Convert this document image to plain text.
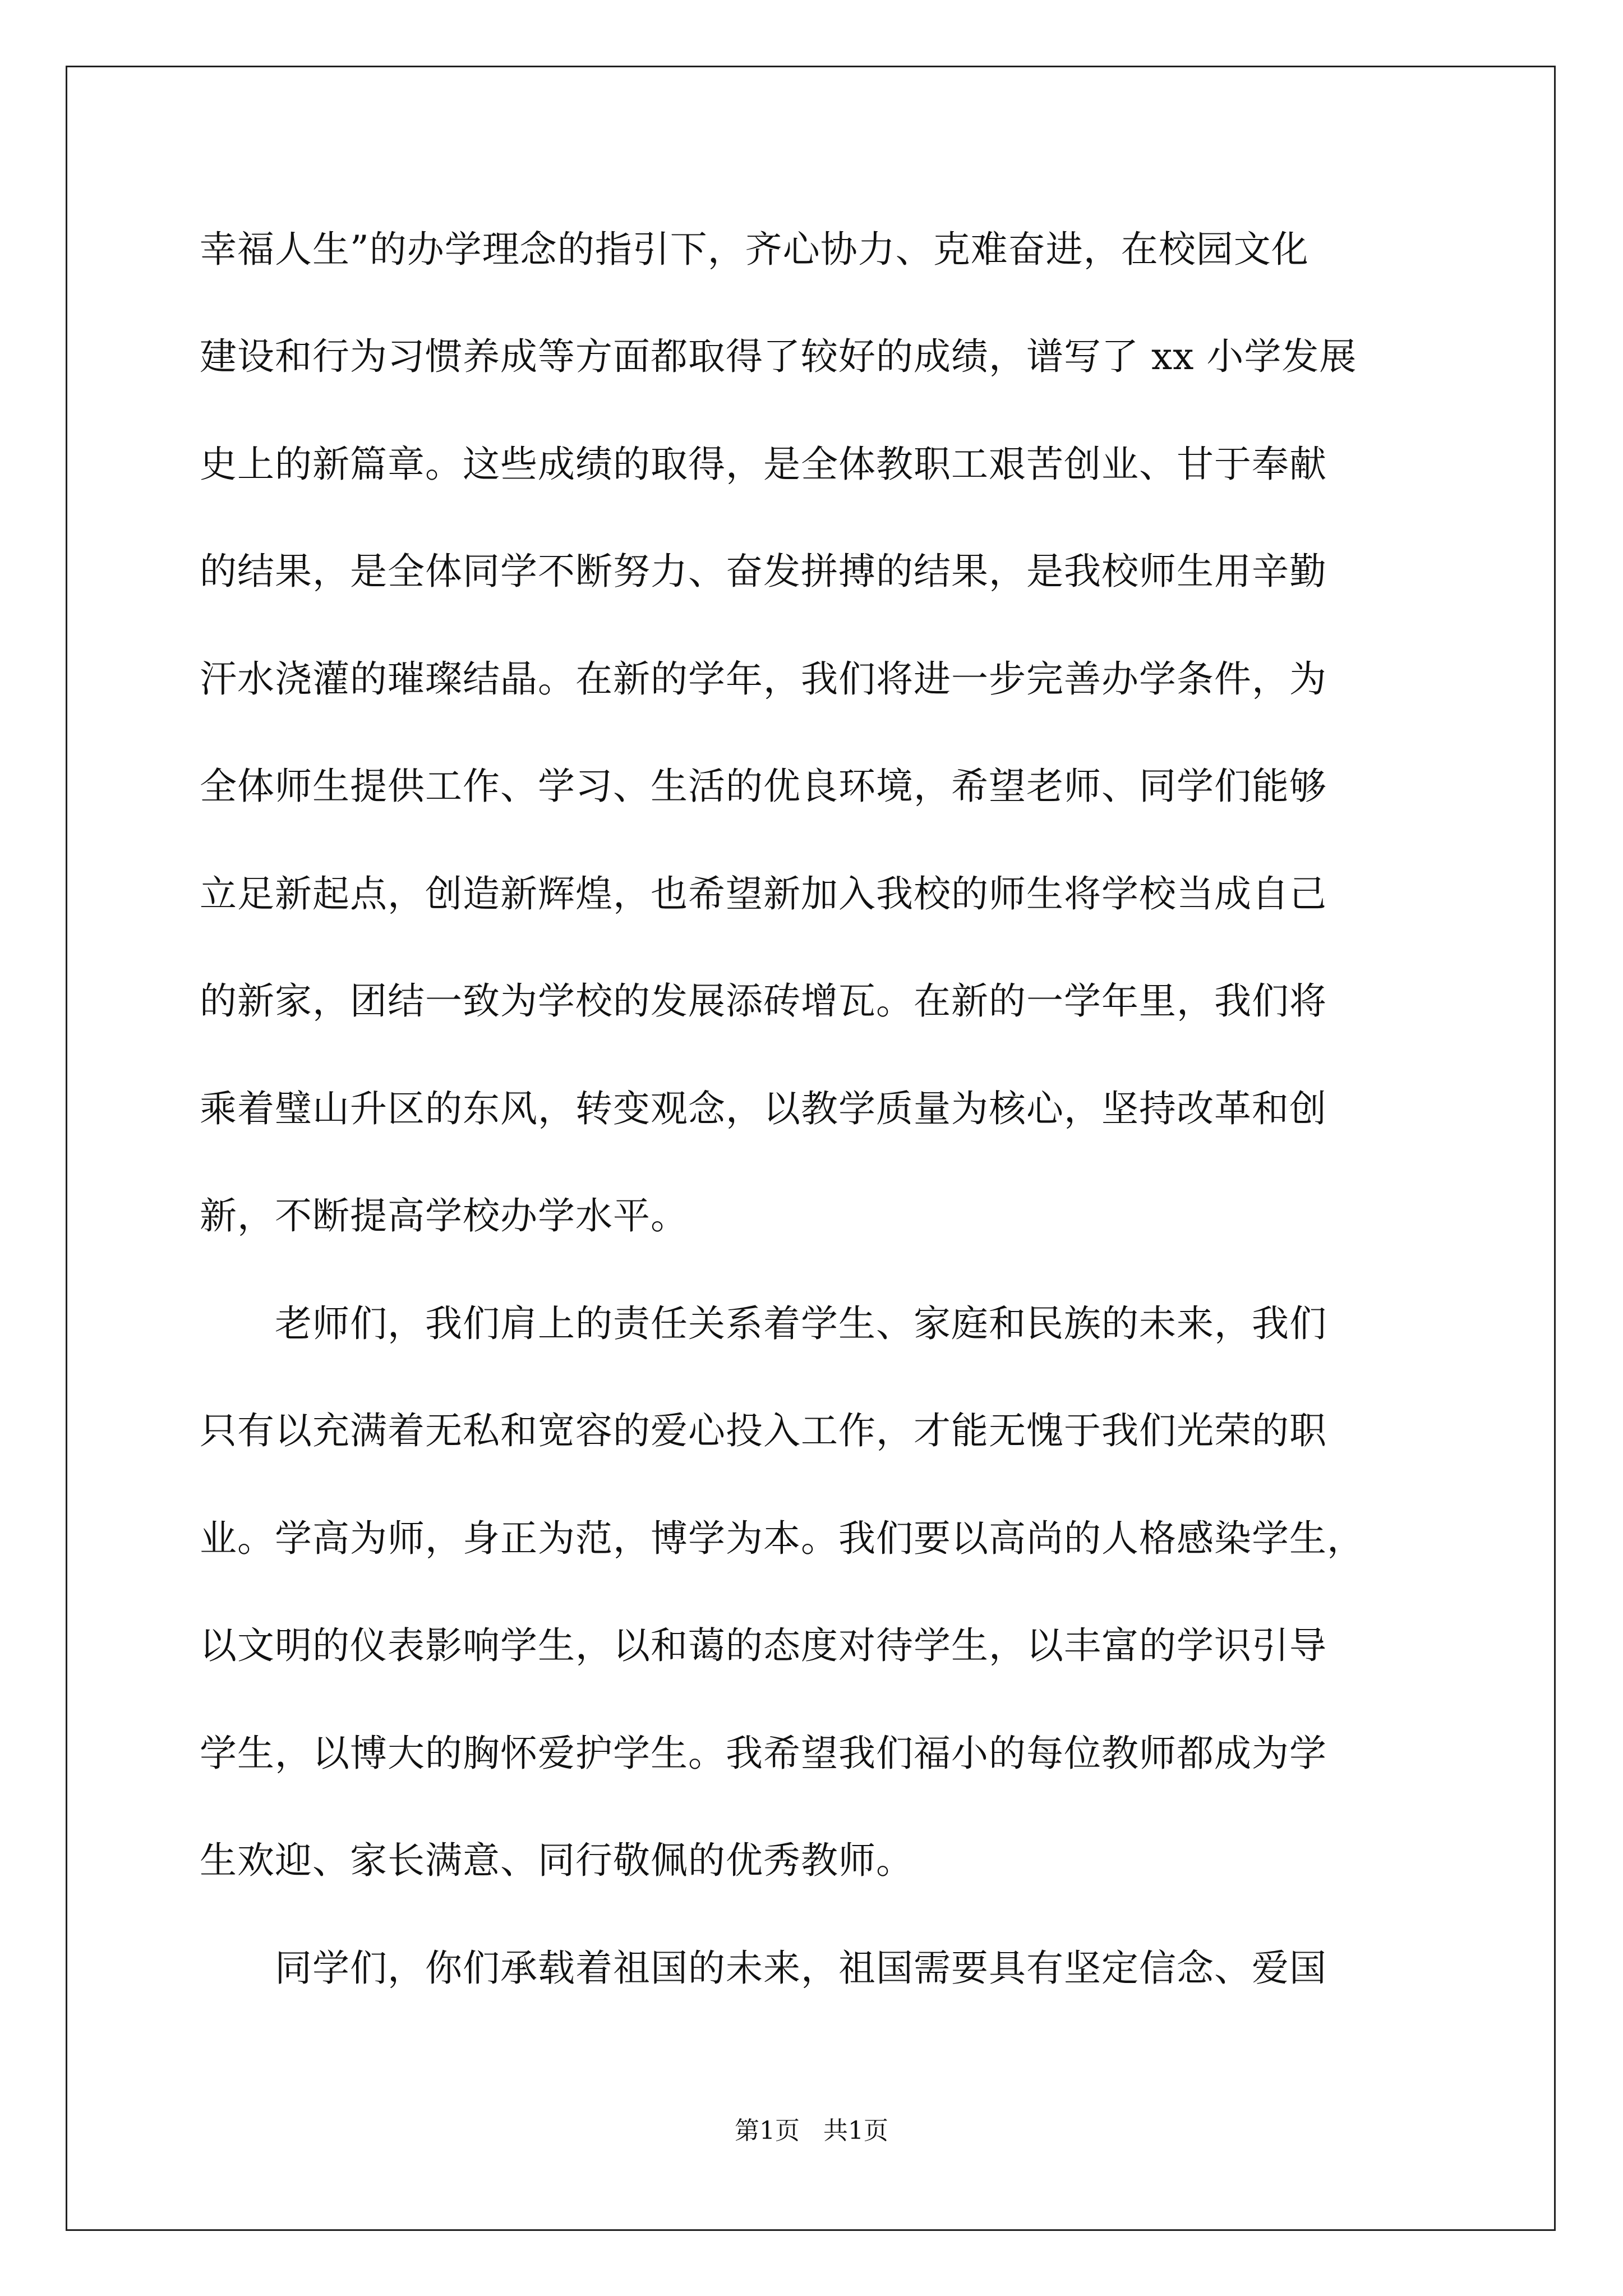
幸福人生”的办学理念的指引下，齐心协力、克难奋进，在校园文化
建设和行为习惯养成等方面都取得了较好的成绩，谱写了 xx 小学发展
史上的新篇章。这些成绩的取得，是全体教职工艰苦创业、甘于奉献
的结果，是全体同学不断努力、奋发拼搏的结果，是我校师生用辛勤
汗水浇灌的璀璨结晶。在新的学年，我们将进一步完善办学条件，为
全体师生提供工作、学习、生活的优良环境，希望老师、同学们能够
立足新起点，创造新辉煌，也希望新加入我校的师生将学校当成自己
的新家，团结一致为学校的发展添砖增瓦。在新的一学年里，我们将
乘着璧山升区的东风，转变观念，以教学质量为核心，坚持改革和创
新，不断提高学校办学水平。
　　老师们，我们肩上的责任关系着学生、家庭和民族的未来，我们
只有以充满着无私和宽容的爱心投入工作，才能无愧于我们光荣的职
业。学高为师，身正为范，博学为本。我们要以高尚的人格感染学生，
以文明的仪表影响学生，以和蔼的态度对待学生，以丰富的学识引导
学生，以博大的胸怀爱护学生。我希望我们福小的每位教师都成为学
生欢迎、家长满意、同行敬佩的优秀教师。
　　同学们，你们承载着祖国的未来，祖国需要具有坚定信念、爱国
第1页   共1页
